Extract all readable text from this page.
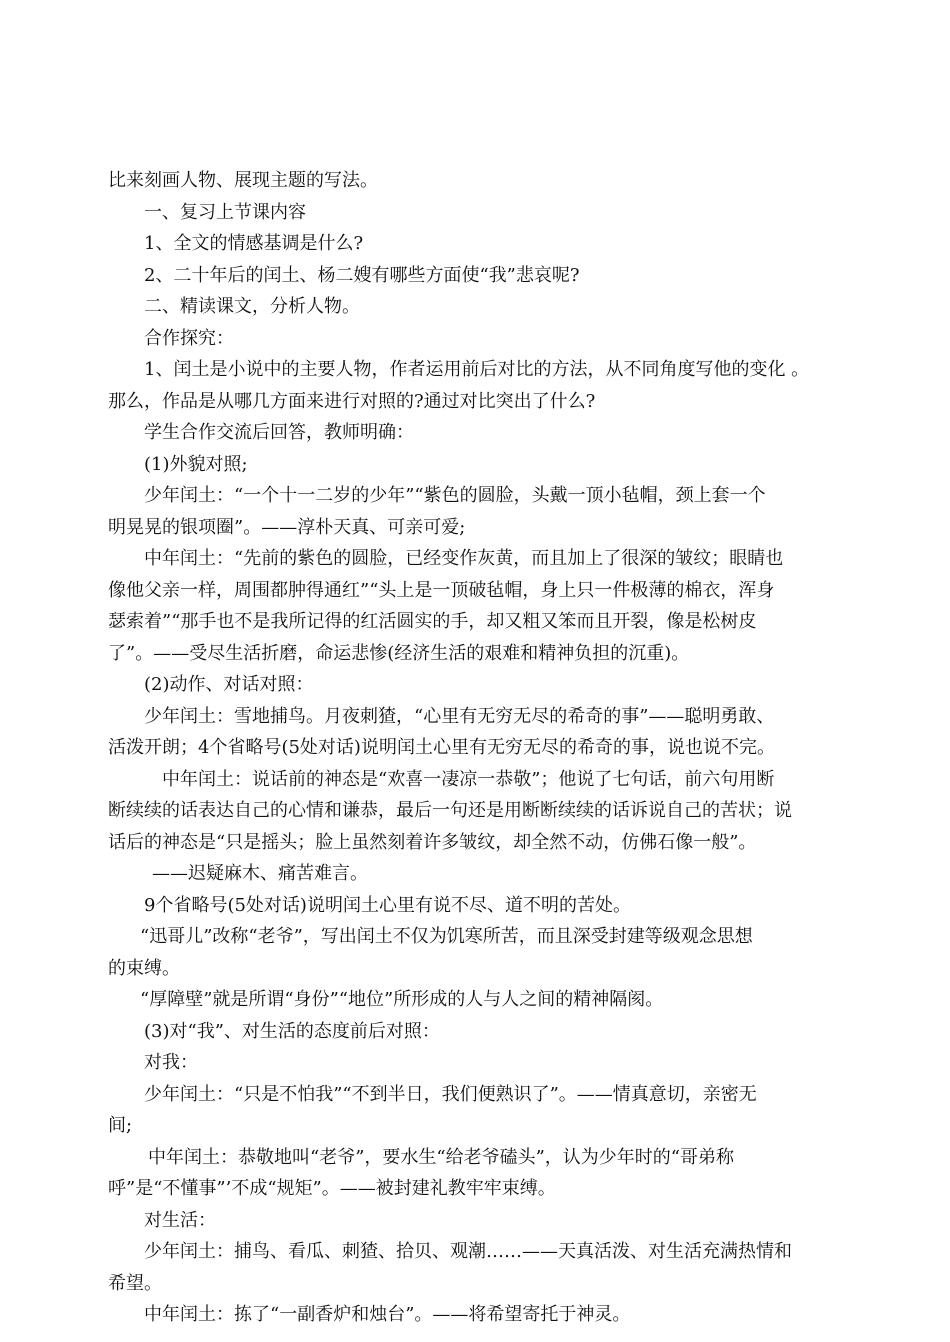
比来刻画人物、展现主题的写法。
一、复习上节课内容
1、全文的情感基调是什么?
2、二十年后的闰土、杨二嫂有哪些方面使“我”悲哀呢?
二、精读课文，分析人物。
合作探究：
1、闰土是小说中的主要人物，作者运用前后对比的方法，从不同角度写他的变化 。
那么，作品是从哪几方面来进行对照的?通过对比突出了什么?
学生合作交流后回答，教师明确：
(1)外貌对照;
少年闰土：“一个十一二岁的少年”“紫色的圆脸，头戴一顶小毡帽，颈上套一个
明晃晃的银项圈”。——淳朴天真、可亲可爱;
中年闰土：“先前的紫色的圆脸，已经变作灰黄，而且加上了很深的皱纹；眼睛也
像他父亲一样，周围都肿得通红”“头上是一顶破毡帽，身上只一件极薄的棉衣，浑身
瑟索着”“那手也不是我所记得的红活圆实的手，却又粗又笨而且开裂，像是松树皮
了”。——受尽生活折磨，命运悲惨(经济生活的艰难和精神负担的沉重)。
(2)动作、对话对照：
少年闰土：雪地捕鸟。月夜刺猹，“心里有无穷无尽的希奇的事”——聪明勇敢、
活泼开朗；4个省略号(5处对话)说明闰土心里有无穷无尽的希奇的事，说也说不完。
中年闰土：说话前的神态是“欢喜一凄凉一恭敬”；他说了七句话，前六句用断
断续续的话表达自己的心情和谦恭，最后一句还是用断断续续的话诉说自己的苦状；说
话后的神态是“只是摇头；脸上虽然刻着许多皱纹，却全然不动，仿佛石像一般”。
——迟疑麻木、痛苦难言。
9个省略号(5处对话)说明闰土心里有说不尽、道不明的苦处。
“迅哥儿”改称“老爷”，写出闰土不仅为饥寒所苦，而且深受封建等级观念思想
的束缚。
“厚障壁”就是所谓“身份”“地位”所形成的人与人之间的精神隔阂。
(3)对“我”、对生活的态度前后对照：
对我：
少年闰土：“只是不怕我”“不到半日，我们便熟识了”。——情真意切，亲密无
间;
中年闰土：恭敬地叫“老爷”，要水生“给老爷磕头”，认为少年时的“哥弟称
呼”是“不懂事”’不成“规矩”。——被封建礼教牢牢束缚。
对生活：
少年闰土：捕鸟、看瓜、刺猹、拾贝、观潮……——天真活泼、对生活充满热情和
希望。
中年闰土：拣了“一副香炉和烛台”。——将希望寄托于神灵。
